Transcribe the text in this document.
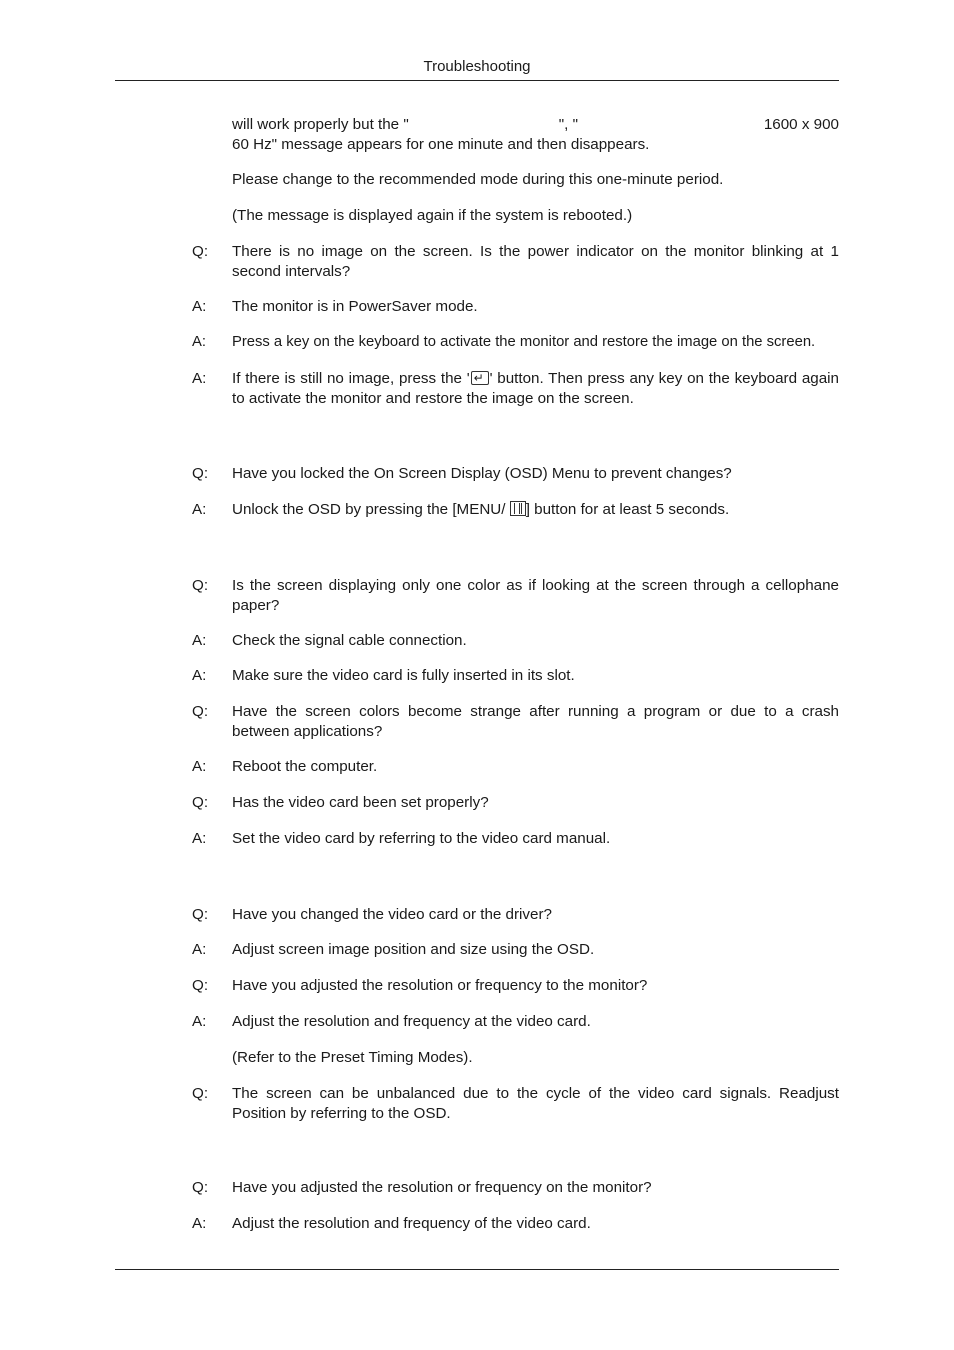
Troubleshooting
will work properly but the "	", "	1600 x 900
60 Hz" message appears for one minute and then disappears.
Please change to the recommended mode during this one-minute period.
(The message is displayed again if the system is rebooted.)
Q:	There is no image on the screen. Is the power indicator on the monitor blinking at 1 second intervals?
A:	The monitor is in PowerSaver mode.
A:	Press a key on the keyboard to activate the monitor and restore the image on the screen.
A:	If there is still no image, press the '↵ ' button. Then press any key on the keyboard again to activate the monitor and restore the image on the screen.
Q:	Have you locked the On Screen Display (OSD) Menu to prevent changes?
A:	Unlock the OSD by pressing the [MENU/ ] button for at least 5 seconds.
Q:	Is the screen displaying only one color as if looking at the screen through a cellophane paper?
A:	Check the signal cable connection.
A:	Make sure the video card is fully inserted in its slot.
Q:	Have the screen colors become strange after running a program or due to a crash between applications?
A:	Reboot the computer.
Q:	Has the video card been set properly?
A:	Set the video card by referring to the video card manual.
Q:	Have you changed the video card or the driver?
A:	Adjust screen image position and size using the OSD.
Q:	Have you adjusted the resolution or frequency to the monitor?
A:	Adjust the resolution and frequency at the video card.
(Refer to the Preset Timing Modes).
Q:	The screen can be unbalanced due to the cycle of the video card signals. Readjust Position by referring to the OSD.
Q:	Have you adjusted the resolution or frequency on the monitor?
A:	Adjust the resolution and frequency of the video card.
